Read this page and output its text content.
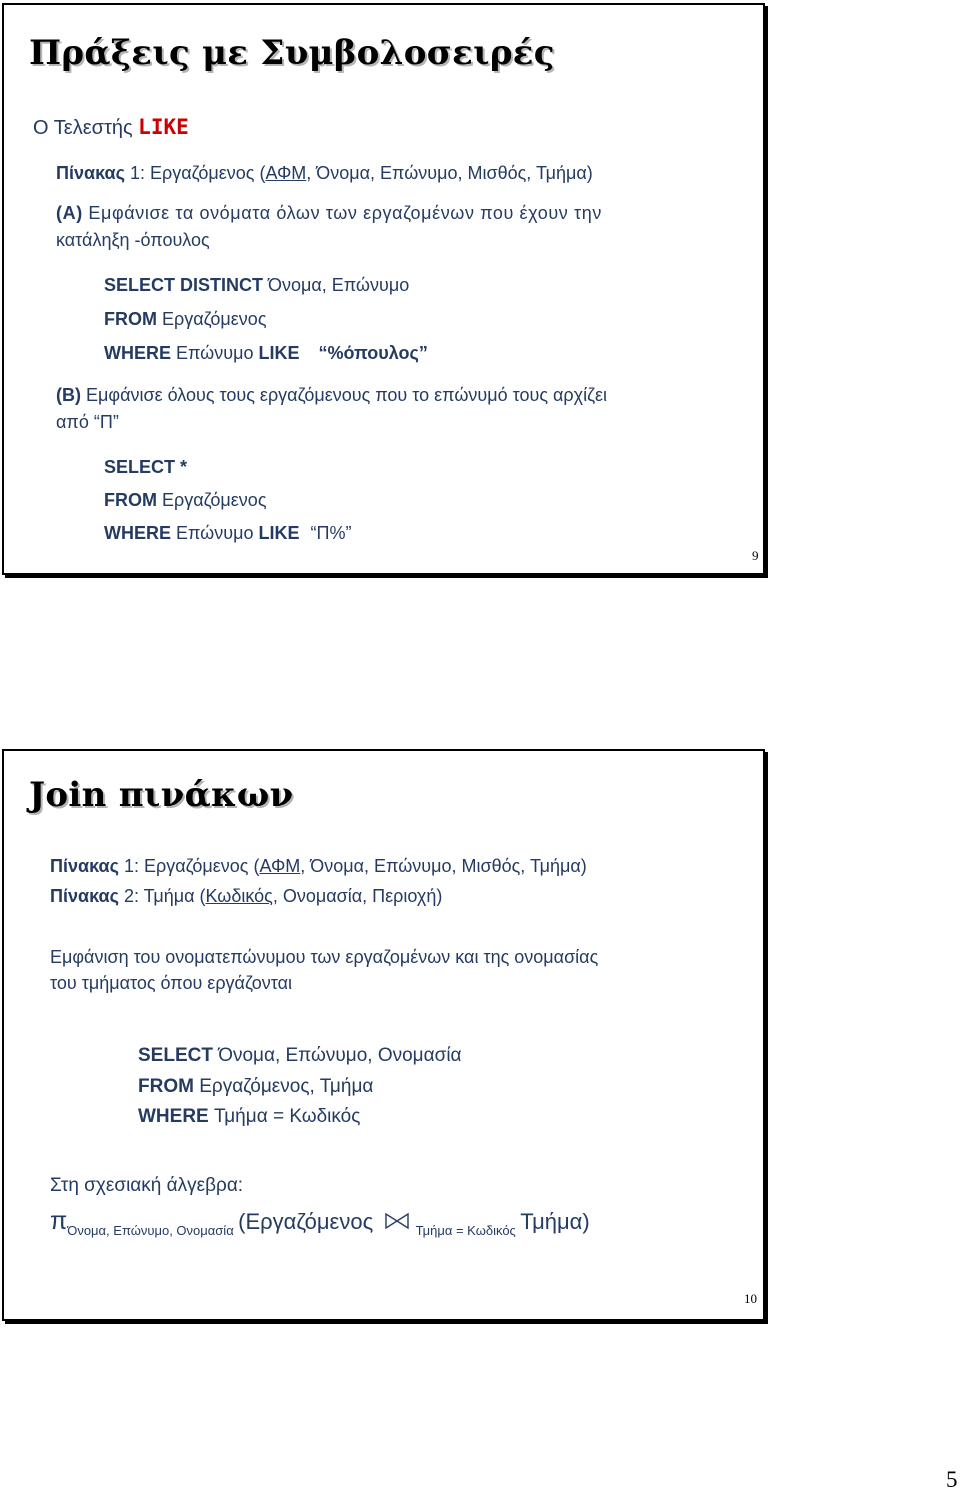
Πράξεις με Συμβολοσειρές
Ο Τελεστής LIKE
Πίνακας 1: Εργαζόμενος (ΑΦΜ, Όνομα, Επώνυμο, Μισθός, Τμήμα)
(Α) Εμφάνισε τα ονόματα όλων των εργαζομένων που έχουν την
κατάληξη -όπουλος
SELECT DISTINCT Όνομα, Επώνυμο
FROM Εργαζόμενος
WHERE Επώνυμο LIKE “%όπουλος”
(Β) Εμφάνισε όλους τους εργαζόμενους που το επώνυμό τους αρχίζει
από “Π”
SELECT *
FROM Εργαζόμενος
WHERE Επώνυμο LIKE “Π%”
9
Join πινάκων
Πίνακας 1: Εργαζόμενος (ΑΦΜ, Όνομα, Επώνυμο, Μισθός, Τμήμα)
Πίνακας 2: Τμήμα (Κωδικός, Ονομασία, Περιοχή)
Εμφάνιση του ονοματεπώνυμου των εργαζομένων και της ονομασίας
του τμήματος όπου εργάζονται
SELECT Όνομα, Επώνυμο, Ονομασία
FROM Εργαζόμενος, Τμήμα
WHERE Τμήμα = Κωδικός
Στη σχεσιακή άλγεβρα:
$\pi_{Ό\nu o\mu\alpha, E\pi ώ\nu\upsilon\mu o, O\nu o\mu\alpha\sigma ί\alpha}$ (Εργαζόμενος	$_{T\mu ή\mu\alpha = K\omega\delta\iota\kappa ό\varsigma}$ Τμήμα)
10
5
